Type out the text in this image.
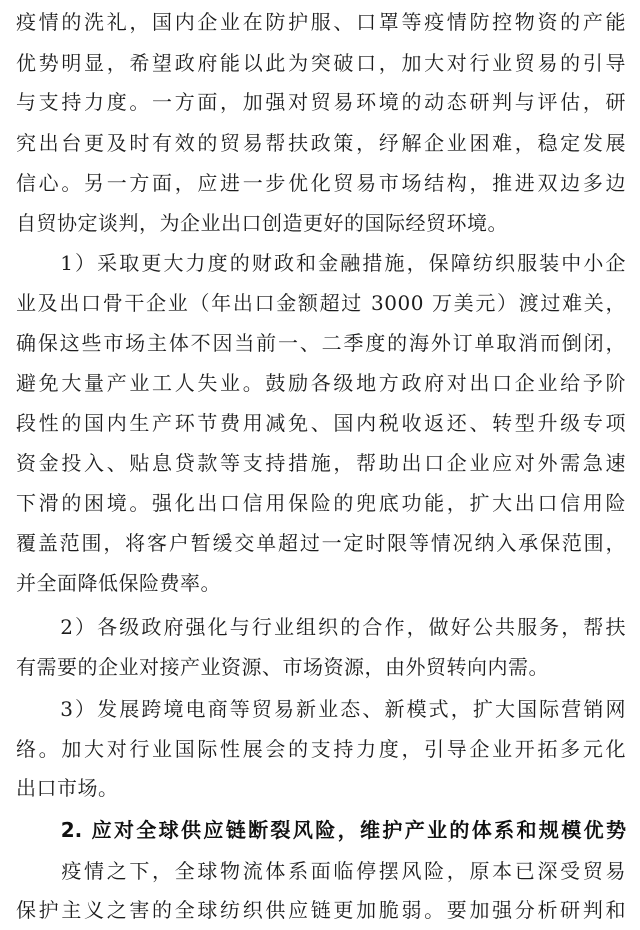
疫情的洗礼，国内企业在防护服、口罩等疫情防控物资的产能
优势明显，希望政府能以此为突破口，加大对行业贸易的引导
与支持力度。一方面，加强对贸易环境的动态研判与评估，研
究出台更及时有效的贸易帮扶政策，纾解企业困难，稳定发展
信心。另一方面，应进一步优化贸易市场结构，推进双边多边
自贸协定谈判，为企业出口创造更好的国际经贸环境。
　　1）采取更大力度的财政和金融措施，保障纺织服装中小企
业及出口骨干企业（年出口金额超过 3000 万美元）渡过难关，
确保这些市场主体不因当前一、二季度的海外订单取消而倒闭，
避免大量产业工人失业。鼓励各级地方政府对出口企业给予阶
段性的国内生产环节费用减免、国内税收返还、转型升级专项
资金投入、贴息贷款等支持措施，帮助出口企业应对外需急速
下滑的困境。强化出口信用保险的兜底功能，扩大出口信用险
覆盖范围，将客户暂缓交单超过一定时限等情况纳入承保范围，
并全面降低保险费率。
　　2）各级政府强化与行业组织的合作，做好公共服务，帮扶
有需要的企业对接产业资源、市场资源，由外贸转向内需。
　　3）发展跨境电商等贸易新业态、新模式，扩大国际营销网
络。加大对行业国际性展会的支持力度，引导企业开拓多元化
出口市场。
　　2. 应对全球供应链断裂风险，维护产业的体系和规模优势
　　疫情之下，全球物流体系面临停摆风险，原本已深受贸易
保护主义之害的全球纺织供应链更加脆弱。要加强分析研判和
